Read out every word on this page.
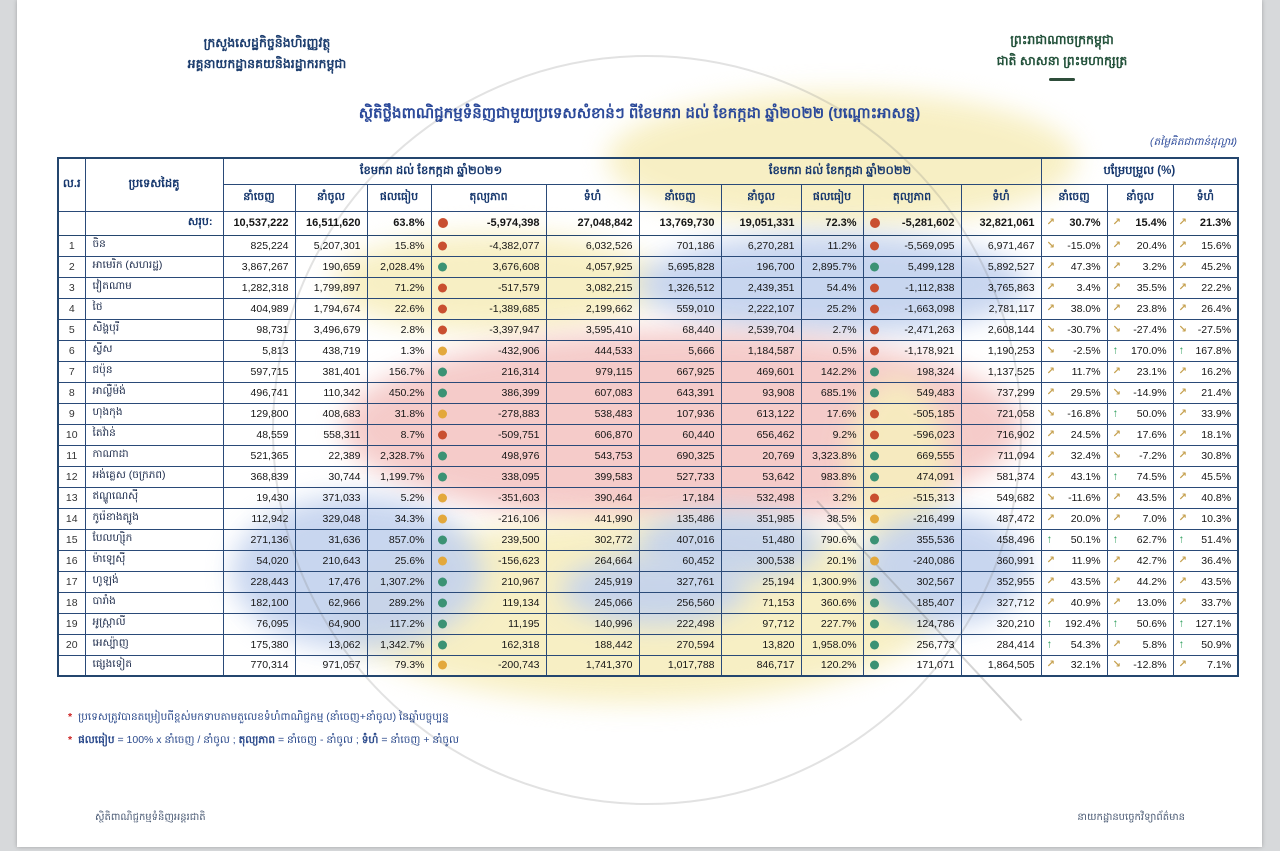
ក្រសួងសេដ្ឋកិច្ចនិងហិរញ្ញវត្ថុ
អគ្គនាយកដ្ឋានគយនិងរដ្ឋាករកម្ពុជា
ព្រះរាជាណាចក្រកម្ពុជា
ជាតិ សាសនា ព្រះមហាក្សត្រ
ស្ថិតិថ្លឹងពាណិជ្ជកម្មទំនិញជាមួយប្រទេសសំខាន់ៗ ពីខែមករា ដល់ ខែកក្កដា ឆ្នាំ២០២២ (បណ្ដោះអាសន្ន)
(តម្លៃគិតជាពាន់ដុល្លារ)
ល.រ	ប្រទេសដៃគូ	ខែមករា ដល់ ខែកក្កដា ឆ្នាំ២០២១					ខែមករា ដល់ ខែកក្កដា ឆ្នាំ២០២២					បម្រែបម្រួល (%)		
		នាំចេញ	នាំចូល	ផលធៀប	តុល្យភាព	ទំហំ	នាំចេញ	នាំចូល	ផលធៀប	តុល្យភាព	ទំហំ	នាំចេញ	នាំចូល	ទំហំ
	សរុប:	10,537,222	16,511,620	63.8%	-5,974,398	27,048,842	13,769,730	19,051,331	72.3%	-5,281,602	32,821,061	↗ 30.7%	↗ 15.4%	↗ 21.3%
1	ចិន	825,224	5,207,301	15.8%	-4,382,077	6,032,526	701,186	6,270,281	11.2%	-5,569,095	6,971,467	↘ -15.0%	↗ 20.4%	↗ 15.6%
2	អាមេរិក (សហរដ្ឋ)	3,867,267	190,659	2,028.4%	3,676,608	4,057,925	5,695,828	196,700	2,895.7%	5,499,128	5,892,527	↗ 47.3%	↗ 3.2%	↗ 45.2%
3	វៀតណាម	1,282,318	1,799,897	71.2%	-517,579	3,082,215	1,326,512	2,439,351	54.4%	-1,112,838	3,765,863	↗ 3.4%	↗ 35.5%	↗ 22.2%
4	ថៃ	404,989	1,794,674	22.6%	-1,389,685	2,199,662	559,010	2,222,107	25.2%	-1,663,098	2,781,117	↗ 38.0%	↗ 23.8%	↗ 26.4%
5	សិង្ហបុរី	98,731	3,496,679	2.8%	-3,397,947	3,595,410	68,440	2,539,704	2.7%	-2,471,263	2,608,144	↘ -30.7%	↘ -27.4%	↘ -27.5%
6	ស្វីស	5,813	438,719	1.3%	-432,906	444,533	5,666	1,184,587	0.5%	-1,178,921	1,190,253	↘ -2.5%	↑ 170.0%	↑ 167.8%
7	ជប៉ុន	597,715	381,401	156.7%	216,314	979,115	667,925	469,601	142.2%	198,324	1,137,525	↗ 11.7%	↗ 23.1%	↗ 16.2%
8	អាល្លឺម៉ង់	496,741	110,342	450.2%	386,399	607,083	643,391	93,908	685.1%	549,483	737,299	↗ 29.5%	↘ -14.9%	↗ 21.4%
9	ហុងកុង	129,800	408,683	31.8%	-278,883	538,483	107,936	613,122	17.6%	-505,185	721,058	↘ -16.8%	↑ 50.0%	↗ 33.9%
10	តៃវ៉ាន់	48,559	558,311	8.7%	-509,751	606,870	60,440	656,462	9.2%	-596,023	716,902	↗ 24.5%	↗ 17.6%	↗ 18.1%
11	កាណាដា	521,365	22,389	2,328.7%	498,976	543,753	690,325	20,769	3,323.8%	669,555	711,094	↗ 32.4%	↘ -7.2%	↗ 30.8%
12	អង់គ្លេស (ចក្រភព)	368,839	30,744	1,199.7%	338,095	399,583	527,733	53,642	983.8%	474,091	581,374	↗ 43.1%	↑ 74.5%	↗ 45.5%
13	ឥណ្ឌូណេស៊ី	19,430	371,033	5.2%	-351,603	390,464	17,184	532,498	3.2%	-515,313	549,682	↘ -11.6%	↗ 43.5%	↗ 40.8%
14	កូរ៉េខាងត្បូង	112,942	329,048	34.3%	-216,106	441,990	135,486	351,985	38.5%	-216,499	487,472	↗ 20.0%	↗ 7.0%	↗ 10.3%
15	បែលហ្ស៊ិក	271,136	31,636	857.0%	239,500	302,772	407,016	51,480	790.6%	355,536	458,496	↑ 50.1%	↑ 62.7%	↑ 51.4%
16	ម៉ាឡេស៊ី	54,020	210,643	25.6%	-156,623	264,664	60,452	300,538	20.1%	-240,086	360,991	↗ 11.9%	↗ 42.7%	↗ 36.4%
17	ហូឡង់	228,443	17,476	1,307.2%	210,967	245,919	327,761	25,194	1,300.9%	302,567	352,955	↗ 43.5%	↗ 44.2%	↗ 43.5%
18	បារាំង	182,100	62,966	289.2%	119,134	245,066	256,560	71,153	360.6%	185,407	327,712	↗ 40.9%	↗ 13.0%	↗ 33.7%
19	អូស្ត្រាលី	76,095	64,900	117.2%	11,195	140,996	222,498	97,712	227.7%	124,786	320,210	↑ 192.4%	↑ 50.6%	↑ 127.1%
20	អេស្ប៉ាញ	175,380	13,062	1,342.7%	162,318	188,442	270,594	13,820	1,958.0%	256,773	284,414	↑ 54.3%	↗ 5.8%	↑ 50.9%
	ផ្សេងទៀត	770,314	971,057	79.3%	-200,743	1,741,370	1,017,788	846,717	120.2%	171,071	1,864,505	↗ 32.1%	↘ -12.8%	↗ 7.1%
* ប្រទេសត្រូវបានតម្រៀបពីខ្ពស់មកទាបតាមតួលេខទំហំពាណិជ្ជកម្ម (នាំចេញ+នាំចូល) នៃឆ្នាំបច្ចុប្បន្ន
* ផលធៀប = 100% x នាំចេញ / នាំចូល ; តុល្យភាព = នាំចេញ - នាំចូល ; ទំហំ = នាំចេញ + នាំចូល
ស្ថិតិពាណិជ្ជកម្មទំនិញអន្តរជាតិ	នាយកដ្ឋានបច្ចេកវិទ្យាព័ត៌មាន
